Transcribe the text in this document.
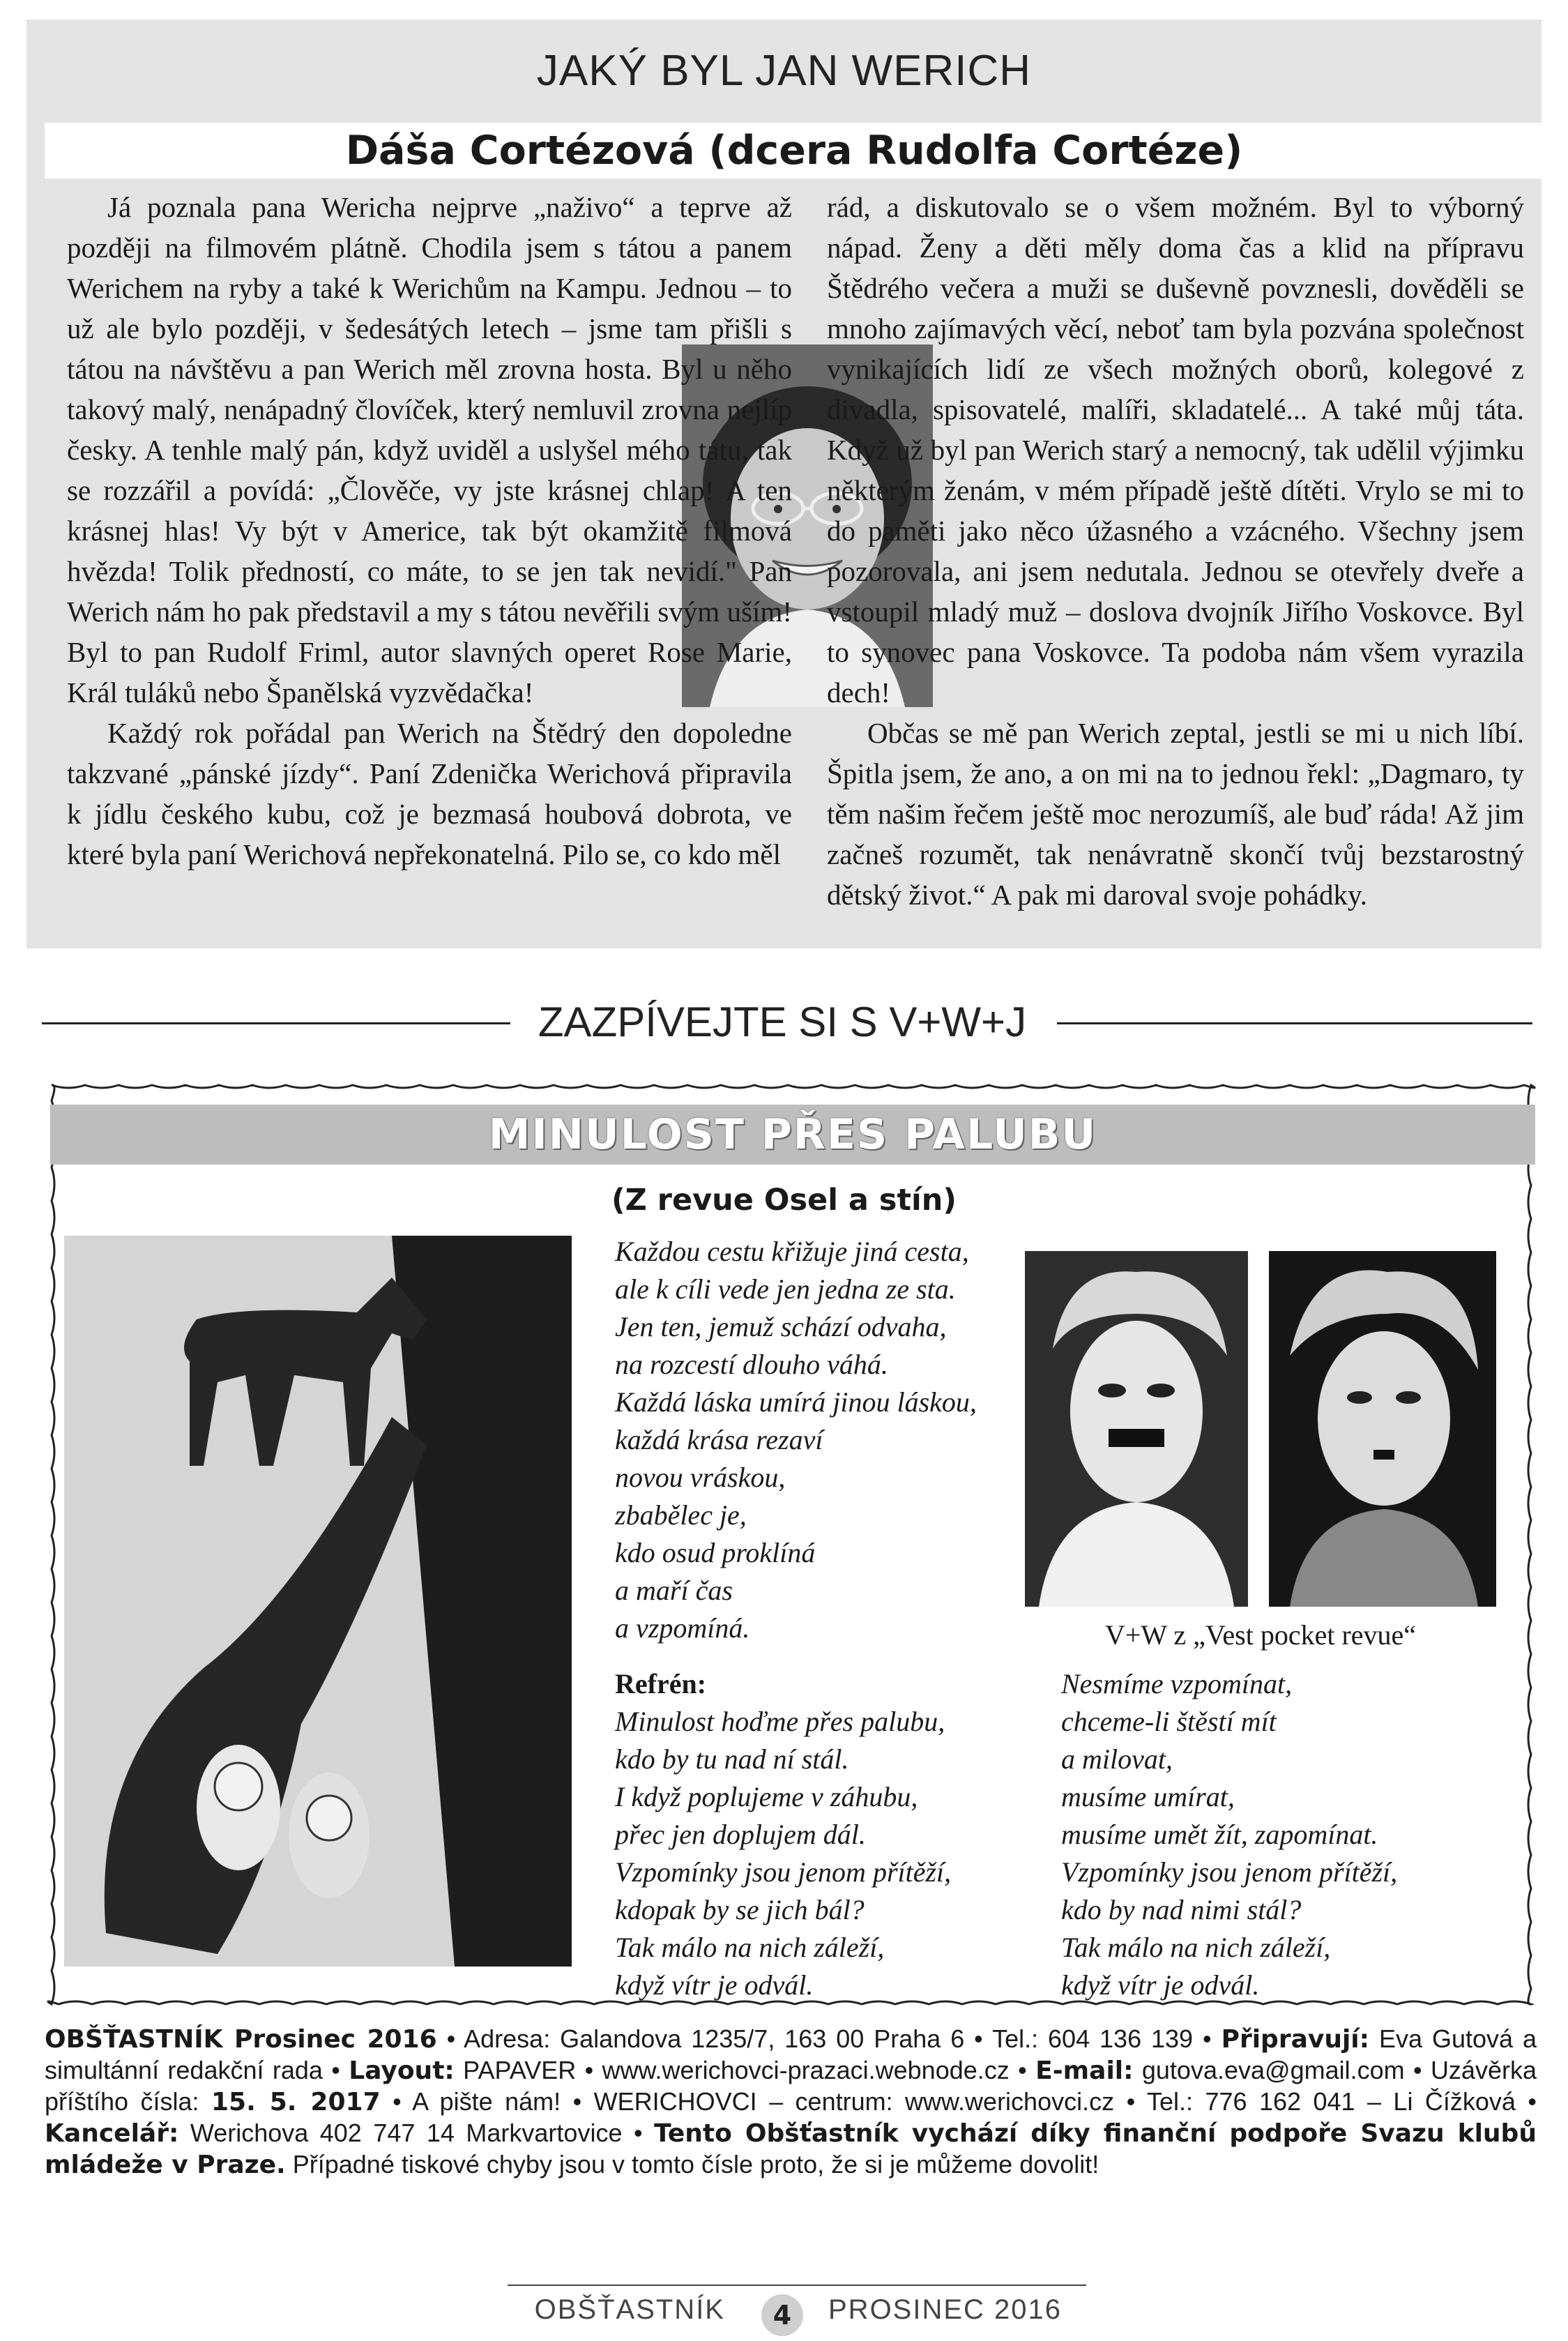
JAKÝ BYL JAN WERICH
Dáša Cortézová (dcera Rudolfa Cortéze)

Já poznala pana Wericha nejprve „naživo“ a teprve až později na filmovém plátně. Chodila jsem s tátou a panem Werichem na ryby a také k Werichům na Kampu. Jednou – to už ale bylo později, v šedesátých letech – jsme tam přišli s tátou na návštěvu a pan Werich měl zrovna hosta. Byl u něho takový malý, nenápadný človíček, který nemluvil zrovna nejlíp česky. A tenhle malý pán, když uviděl a uslyšel mého tátu, tak se rozzářil a povídá: „Člověče, vy jste krásnej chlap! A ten krásnej hlas! Vy být v Americe, tak být okamžitě filmová hvězda! Tolik předností, co máte, to se jen tak nevidí." Pan Werich nám ho pak představil a my s tátou nevěřili svým uším! Byl to pan Rudolf Friml, autor slavných operet Rose Marie, Král tuláků nebo Španělská vyzvědačka!

Každý rok pořádal pan Werich na Štědrý den dopoledne takzvané „pánské jízdy“. Paní Zdenička Werichová připravila k jídlu českého kubu, což je bezmasá houbová dobrota, ve které byla paní Werichová nepřekonatelná. Pilo se, co kdo měl

rád, a diskutovalo se o všem možném. Byl to výborný nápad. Ženy a děti měly doma čas a klid na přípravu Štědrého večera a muži se duševně povznesli, dověděli se mnoho zajímavých věcí, neboť tam byla pozvána společnost vynikajících lidí ze všech možných oborů, kolegové z divadla, spisovatelé, malíři, skladatelé... A také můj táta. Když už byl pan Werich starý a nemocný, tak udělil výjimku některým ženám, v mém případě ještě dítěti. Vrylo se mi to do paměti jako něco úžasného a vzácného. Všechny jsem pozorovala, ani jsem nedutala. Jednou se otevřely dveře a vstoupil mladý muž – doslova dvojník Jiřího Voskovce. Byl to synovec pana Voskovce. Ta podoba nám všem vyrazila dech!

Občas se mě pan Werich zeptal, jestli se mi u nich líbí. Špitla jsem, že ano, a on mi na to jednou řekl: „Dagmaro, ty těm našim řečem ještě moc nerozumíš, ale buď ráda! Až jim začneš rozumět, tak nenávratně skončí tvůj bezstarostný dětský život.“ A pak mi daroval svoje pohádky.

ZAZPÍVEJTE SI S V+W+J
MINULOST PŘES PALUBU
(Z revue Osel a stín)
Každou cestu křižuje jiná cesta,
ale k cíli vede jen jedna ze sta.
Jen ten, jemuž schází odvaha,
na rozcestí dlouho váhá.
Každá láska umírá jinou láskou,
každá krása rezaví
novou vráskou,
zbabělec je,
kdo osud proklíná
a maří čas
a vzpomíná.
Refrén:
Minulost hoďme přes palubu,
kdo by tu nad ní stál.
I když poplujeme v záhubu,
přec jen doplujem dál.
Vzpomínky jsou jenom přítěží,
kdopak by se jich bál?
Tak málo na nich záleží,
když vítr je odvál.
Nesmíme vzpomínat,
chceme-li štěstí mít
a milovat,
musíme umírat,
musíme umět žít, zapomínat.
Vzpomínky jsou jenom přítěží,
kdo by nad nimi stál?
Tak málo na nich záleží,
když vítr je odvál.
V+W z „Vest pocket revue“
OBŠŤASTNÍK Prosinec 2016 • Adresa: Galandova 1235/7, 163 00 Praha 6 • Tel.: 604 136 139 • Připravují: Eva Gutová a simultánní redakční rada • Layout: PAPAVER • www.werichovci-prazaci.webnode.cz • E-mail: gutova.eva@gmail.com • Uzávěrka příštího čísla: 15. 5. 2017 • A pište nám! • WERICHOVCI – centrum: www.werichovci.cz • Tel.: 776 162 041 – Li Čížková • Kancelář: Werichova 402 747 14 Markvartovice • Tento Obšťastník vychází díky finanční podpoře Svazu klubů mládeže v Praze. Případné tiskové chyby jsou v tomto čísle proto, že si je můžeme dovolit!
OBŠŤASTNÍK	4	PROSINEC 2016
